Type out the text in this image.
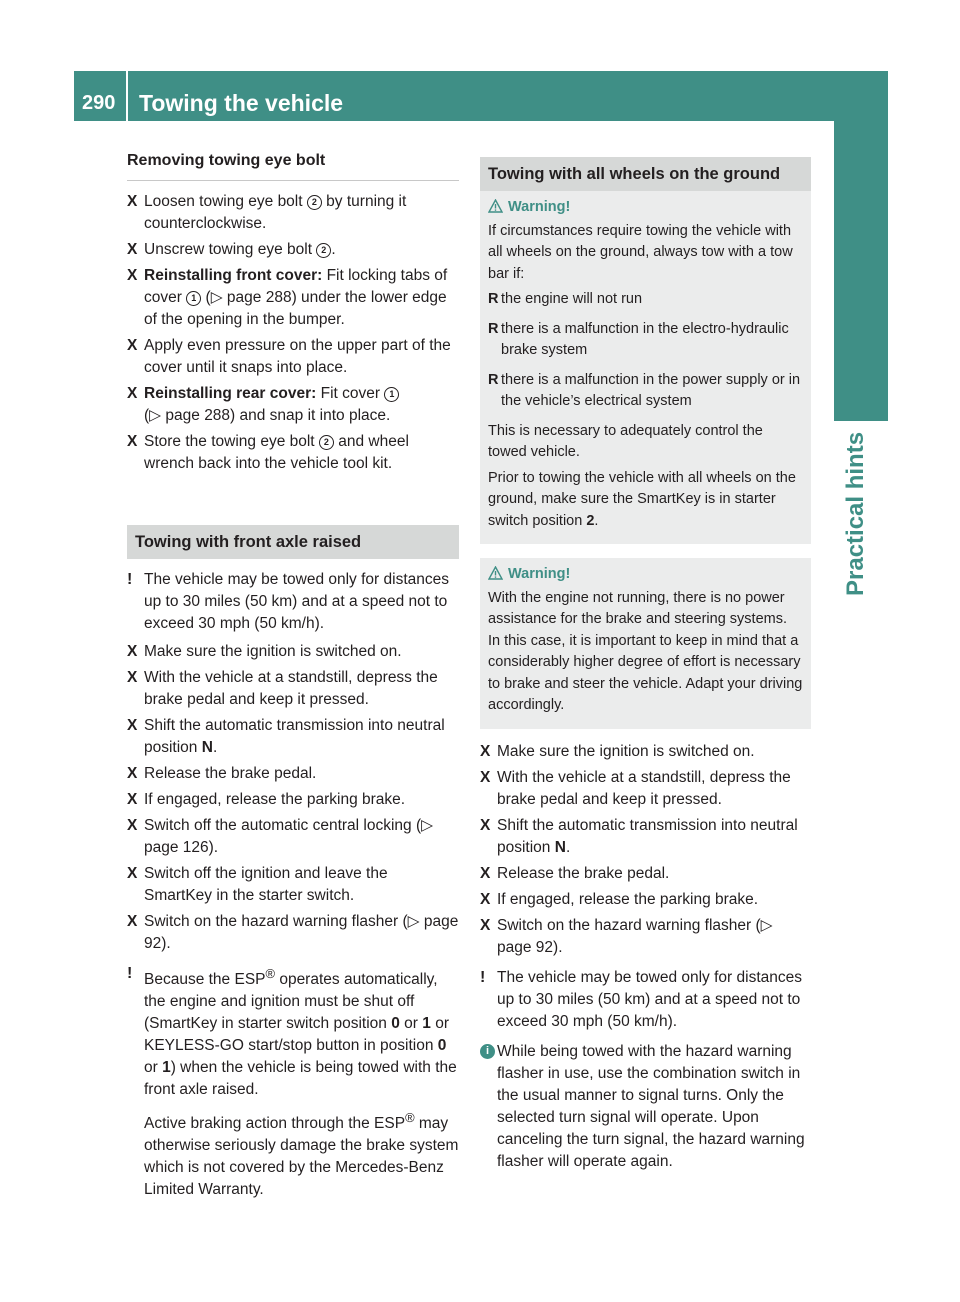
290	Towing the vehicle
Practical hints
Removing towing eye bolt
X Loosen towing eye bolt 2 by turning it counterclockwise.
X Unscrew towing eye bolt 2 .
X Reinstalling front cover: Fit locking tabs of cover 1 (▷ page 288) under the lower edge of the opening in the bumper.
X Apply even pressure on the upper part of the cover until it snaps into place.
X Reinstalling rear cover: Fit cover 1
(▷ page 288) and snap it into place.
X Store the towing eye bolt 2 and wheel wrench back into the vehicle tool kit.
Towing with front axle raised
! The vehicle may be towed only for distances up to 30 miles (50 km) and at a speed not to exceed 30 mph (50 km/h).

X Make sure the ignition is switched on.
X With the vehicle at a standstill, depress the brake pedal and keep it pressed.
X Shift the automatic transmission into neutral position N.
X Release the brake pedal.
X If engaged, release the parking brake.
X Switch off the automatic central locking (▷ page 126).
X Switch off the ignition and leave the SmartKey in the starter switch.
X Switch on the hazard warning flasher (▷ page 92).
! Because the ESP® operates automatically, the engine and ignition must be shut off (SmartKey in starter switch position 0 or 1 or KEYLESS-GO start/stop button in position 0 or 1) when the vehicle is being towed with the front axle raised.

Active braking action through the ESP® may otherwise seriously damage the brake system which is not covered by the Mercedes-Benz Limited Warranty.

Towing with all wheels on the ground
Warning!

If circumstances require towing the vehicle with all wheels on the ground, always tow with a tow bar if:

R the engine will not run
R there is a malfunction in the electro-hydraulic brake system
R there is a malfunction in the power supply or in the vehicle’s electrical system

This is necessary to adequately control the towed vehicle.

Prior to towing the vehicle with all wheels on the ground, make sure the SmartKey is in starter switch position 2.

Warning!

With the engine not running, there is no power assistance for the brake and steering systems. In this case, it is important to keep in mind that a considerably higher degree of effort is necessary to brake and steer the vehicle. Adapt your driving accordingly.

X Make sure the ignition is switched on.
X With the vehicle at a standstill, depress the brake pedal and keep it pressed.
X Shift the automatic transmission into neutral position N.
X Release the brake pedal.
X If engaged, release the parking brake.
X Switch on the hazard warning flasher (▷ page 92).
! The vehicle may be towed only for distances up to 30 miles (50 km) and at a speed not to exceed 30 mph (50 km/h).

i While being towed with the hazard warning flasher in use, use the combination switch in the usual manner to signal turns. Only the selected turn signal will operate. Upon canceling the turn signal, the hazard warning flasher will operate again.
